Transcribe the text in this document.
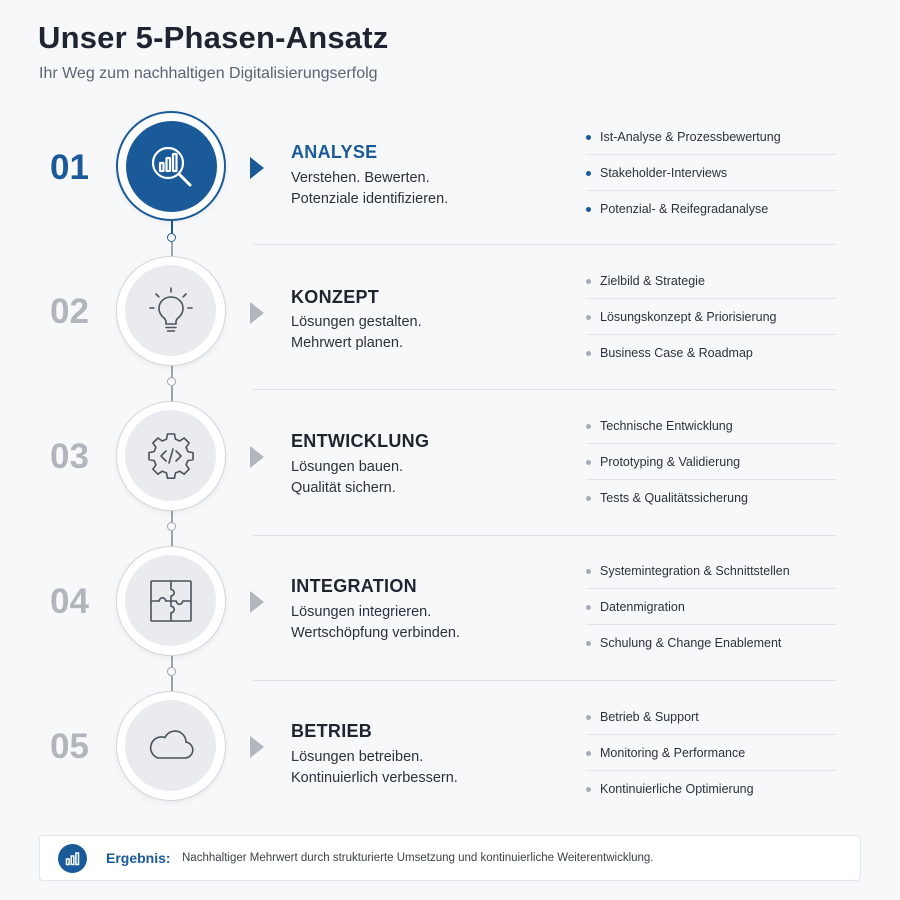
Unser 5-Phasen-Ansatz
Ihr Weg zum nachhaltigen Digitalisierungserfolg
01	ANALYSE
Verstehen. Bewerten.
Potenziale identifizieren.
Ist-Analyse & Prozessbewertung
Stakeholder-Interviews
Potenzial- & Reifegradanalyse
02	KONZEPT
Lösungen gestalten.
Mehrwert planen.
Zielbild & Strategie
Lösungskonzept & Priorisierung
Business Case & Roadmap
03	ENTWICKLUNG
Lösungen bauen.
Qualität sichern.
Technische Entwicklung
Prototyping & Validierung
Tests & Qualitätssicherung
04	INTEGRATION
Lösungen integrieren.
Wertschöpfung verbinden.
Systemintegration & Schnittstellen
Datenmigration
Schulung & Change Enablement
05	BETRIEB
Lösungen betreiben.
Kontinuierlich verbessern.
Betrieb & Support
Monitoring & Performance
Kontinuierliche Optimierung
Ergebnis: Nachhaltiger Mehrwert durch strukturierte Umsetzung und kontinuierliche Weiterentwicklung.
